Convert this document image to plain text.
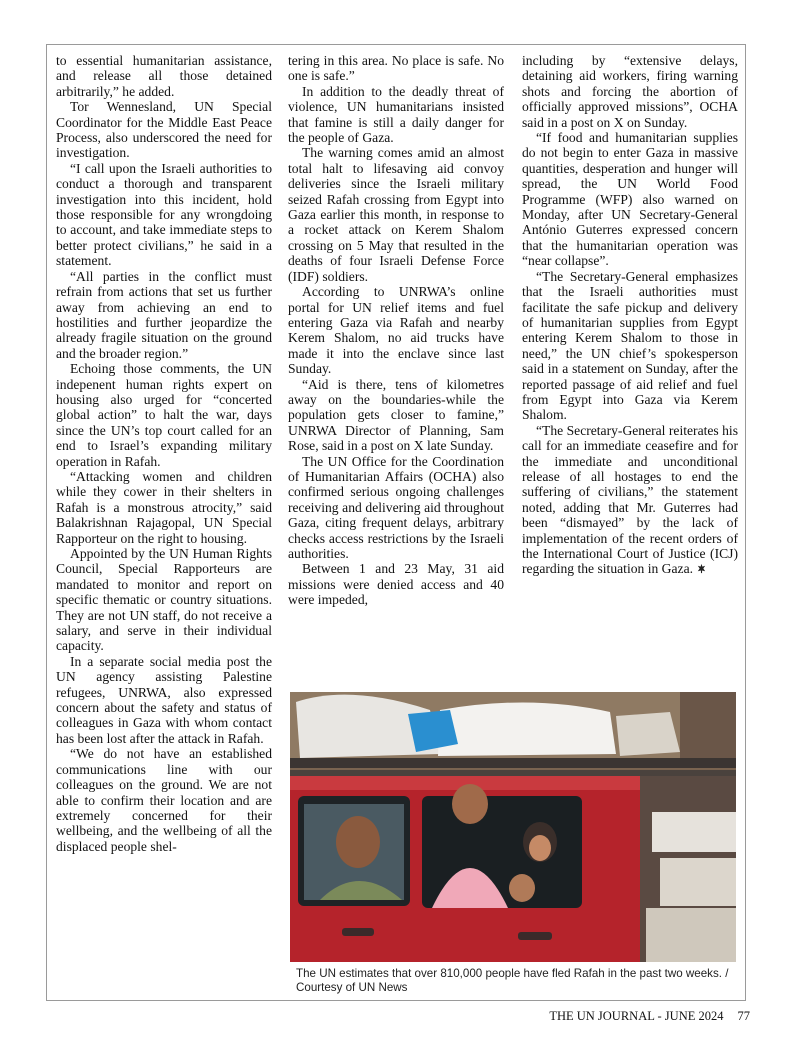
to essential humanitarian assistance, and release all those detained arbitrarily,” he added.

Tor Wennesland, UN Special Coordinator for the Middle East Peace Process, also underscored the need for investigation.

“I call upon the Israeli authorities to conduct a thorough and transparent investigation into this incident, hold those responsible for any wrongdoing to account, and take immediate steps to better protect civilians,” he said in a statement.

“All parties in the conflict must refrain from actions that set us further away from achieving an end to hostilities and further jeopardize the already fragile situation on the ground and the broader region.”

Echoing those comments, the UN indepenent human rights expert on housing also urged for “concerted global action” to halt the war, days since the UN’s top court called for an end to Israel’s expanding military operation in Rafah.

“Attacking women and children while they cower in their shelters in Rafah is a monstrous atrocity,” said Balakrishnan Rajagopal, UN Special Rapporteur on the right to housing.

Appointed by the UN Human Rights Council, Special Rapporteurs are mandated to monitor and report on specific thematic or country situations. They are not UN staff, do not receive a salary, and serve in their individual capacity.

In a separate social media post the UN agency assisting Palestine refugees, UNRWA, also expressed concern about the safety and status of colleagues in Gaza with whom contact has been lost after the attack in Rafah.

“We do not have an established communications line with our colleagues on the ground. We are not able to confirm their location and are extremely concerned for their wellbeing, and the wellbeing of all the displaced people shel-

tering in this area. No place is safe. No one is safe.”

In addition to the deadly threat of violence, UN humanitarians insisted that famine is still a daily danger for the people of Gaza.

The warning comes amid an almost total halt to lifesaving aid convoy deliveries since the Israeli military seized Rafah crossing from Egypt into Gaza earlier this month, in response to a rocket attack on Kerem Shalom crossing on 5 May that resulted in the deaths of four Israeli Defense Force (IDF) soldiers.

According to UNRWA’s online portal for UN relief items and fuel entering Gaza via Rafah and nearby Kerem Shalom, no aid trucks have made it into the enclave since last Sunday.

“Aid is there, tens of kilometres away on the boundaries-while the population gets closer to famine,” UNRWA Director of Planning, Sam Rose, said in a post on X late Sunday.

The UN Office for the Coordination of Humanitarian Affairs (OCHA) also confirmed serious ongoing challenges receiving and delivering aid throughout Gaza, citing frequent delays, arbitrary checks access restrictions by the Israeli authorities.

Between 1 and 23 May, 31 aid missions were denied access and 40 were impeded,

including by “extensive delays, detaining aid workers, firing warning shots and forcing the abortion of officially approved missions”, OCHA said in a post on X on Sunday.

“If food and humanitarian supplies do not begin to enter Gaza in massive quantities, desperation and hunger will spread, the UN World Food Programme (WFP) also warned on Monday, after UN Secretary-General António Guterres expressed concern that the humanitarian operation was “near collapse”.

“The Secretary-General emphasizes that the Israeli authorities must facilitate the safe pickup and delivery of humanitarian supplies from Egypt entering Kerem Shalom to those in need,” the UN chief’s spokesperson said in a statement on Sunday, after the reported passage of aid relief and fuel from Egypt into Gaza via Kerem Shalom.

“The Secretary-General reiterates his call for an immediate ceasefire and for the immediate and unconditional release of all hostages to end the suffering of civilians,” the statement noted, adding that Mr. Guterres had been “dismayed” by the lack of implementation of the recent orders of the International Court of Justice (ICJ) regarding the situation in Gaza.

The UN estimates that over 810,000 people have fled Rafah in the past two weeks. / Courtesy of UN News
THE UN JOURNAL - JUNE 2024 77
